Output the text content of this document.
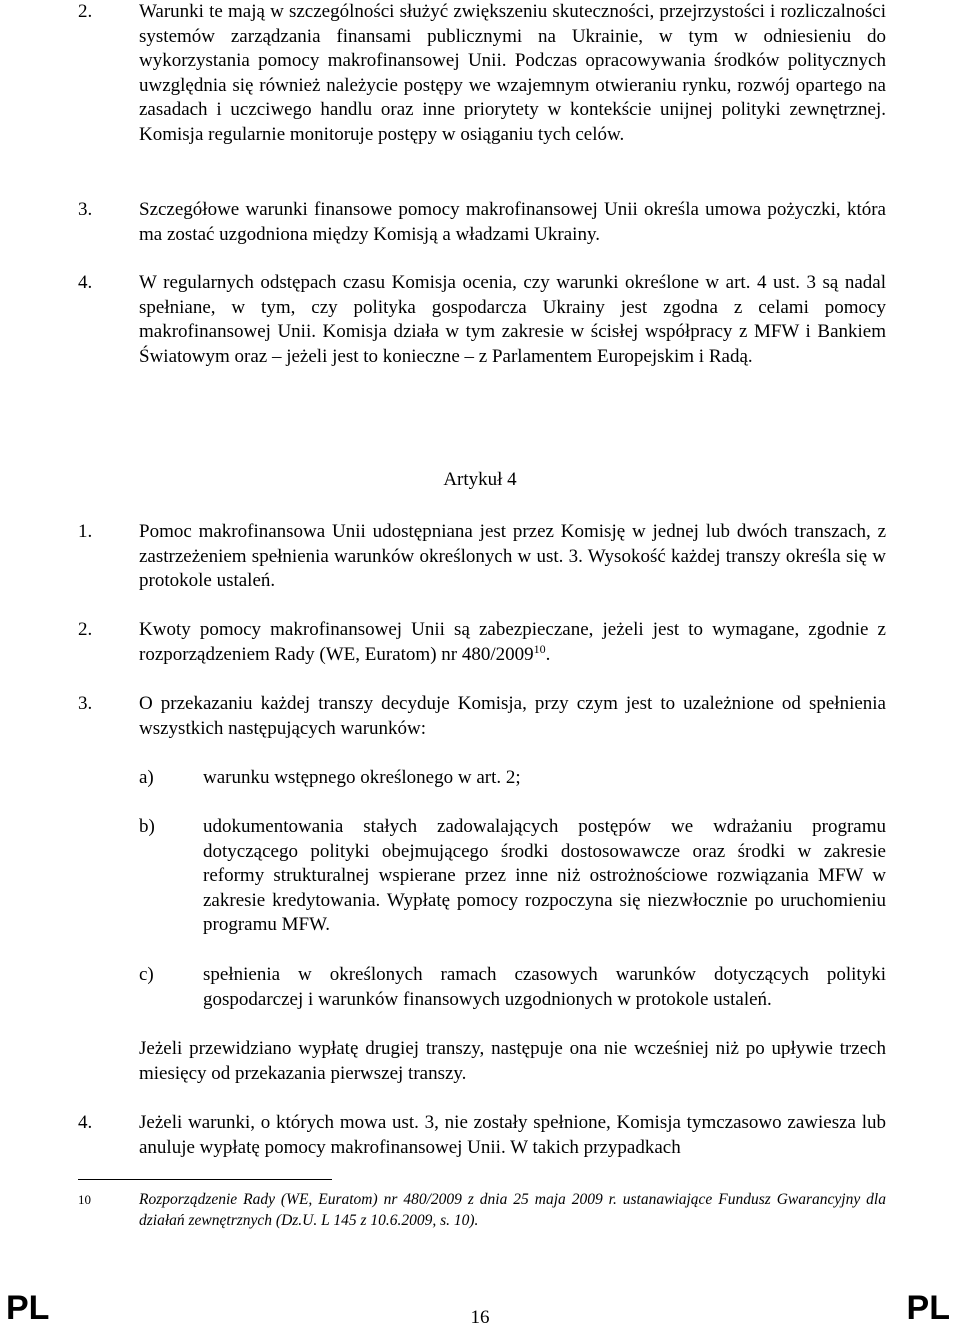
2.	Warunki te mają w szczególności służyć zwiększeniu skuteczności, przejrzystości i rozliczalności systemów zarządzania finansami publicznymi na Ukrainie, w tym w odniesieniu do wykorzystania pomocy makrofinansowej Unii. Podczas opracowywania środków politycznych uwzględnia się również należycie postępy we wzajemnym otwieraniu rynku, rozwój opartego na zasadach i uczciwego handlu oraz inne priorytety w kontekście unijnej polityki zewnętrznej. Komisja regularnie monitoruje postępy w osiąganiu tych celów.
3.	Szczegółowe warunki finansowe pomocy makrofinansowej Unii określa umowa pożyczki, która ma zostać uzgodniona między Komisją a władzami Ukrainy.
4.	W regularnych odstępach czasu Komisja ocenia, czy warunki określone w art. 4 ust. 3 są nadal spełniane, w tym, czy polityka gospodarcza Ukrainy jest zgodna z celami pomocy makrofinansowej Unii. Komisja działa w tym zakresie w ścisłej współpracy z MFW i Bankiem Światowym oraz – jeżeli jest to konieczne – z Parlamentem Europejskim i Radą.
Artykuł 4
1.	Pomoc makrofinansowa Unii udostępniana jest przez Komisję w jednej lub dwóch transzach, z zastrzeżeniem spełnienia warunków określonych w ust. 3. Wysokość każdej transzy określa się w protokole ustaleń.
2.	Kwoty pomocy makrofinansowej Unii są zabezpieczane, jeżeli jest to wymagane, zgodnie z rozporządzeniem Rady (WE, Euratom) nr 480/2009$^{10}$.
3.	O przekazaniu każdej transzy decyduje Komisja, przy czym jest to uzależnione od spełnienia wszystkich następujących warunków:
a)	warunku wstępnego określonego w art. 2;
b)	udokumentowania stałych zadowalających postępów we wdrażaniu programu dotyczącego polityki obejmującego środki dostosowawcze oraz środki w zakresie reformy strukturalnej wspierane przez inne niż ostrożnościowe rozwiązania MFW w zakresie kredytowania. Wypłatę pomocy rozpoczyna się niezwłocznie po uruchomieniu programu MFW.
c)	spełnienia w określonych ramach czasowych warunków dotyczących polityki gospodarczej i warunków finansowych uzgodnionych w protokole ustaleń.
Jeżeli przewidziano wypłatę drugiej transzy, następuje ona nie wcześniej niż po upływie trzech miesięcy od przekazania pierwszej transzy.
4.	Jeżeli warunki, o których mowa ust. 3, nie zostały spełnione, Komisja tymczasowo zawiesza lub anuluje wypłatę pomocy makrofinansowej Unii. W takich przypadkach
10	Rozporządzenie Rady (WE, Euratom) nr 480/2009 z dnia 25 maja 2009 r. ustanawiające Fundusz Gwarancyjny dla działań zewnętrznych (Dz.U. L 145 z 10.6.2009, s. 10).
PL	16	PL
